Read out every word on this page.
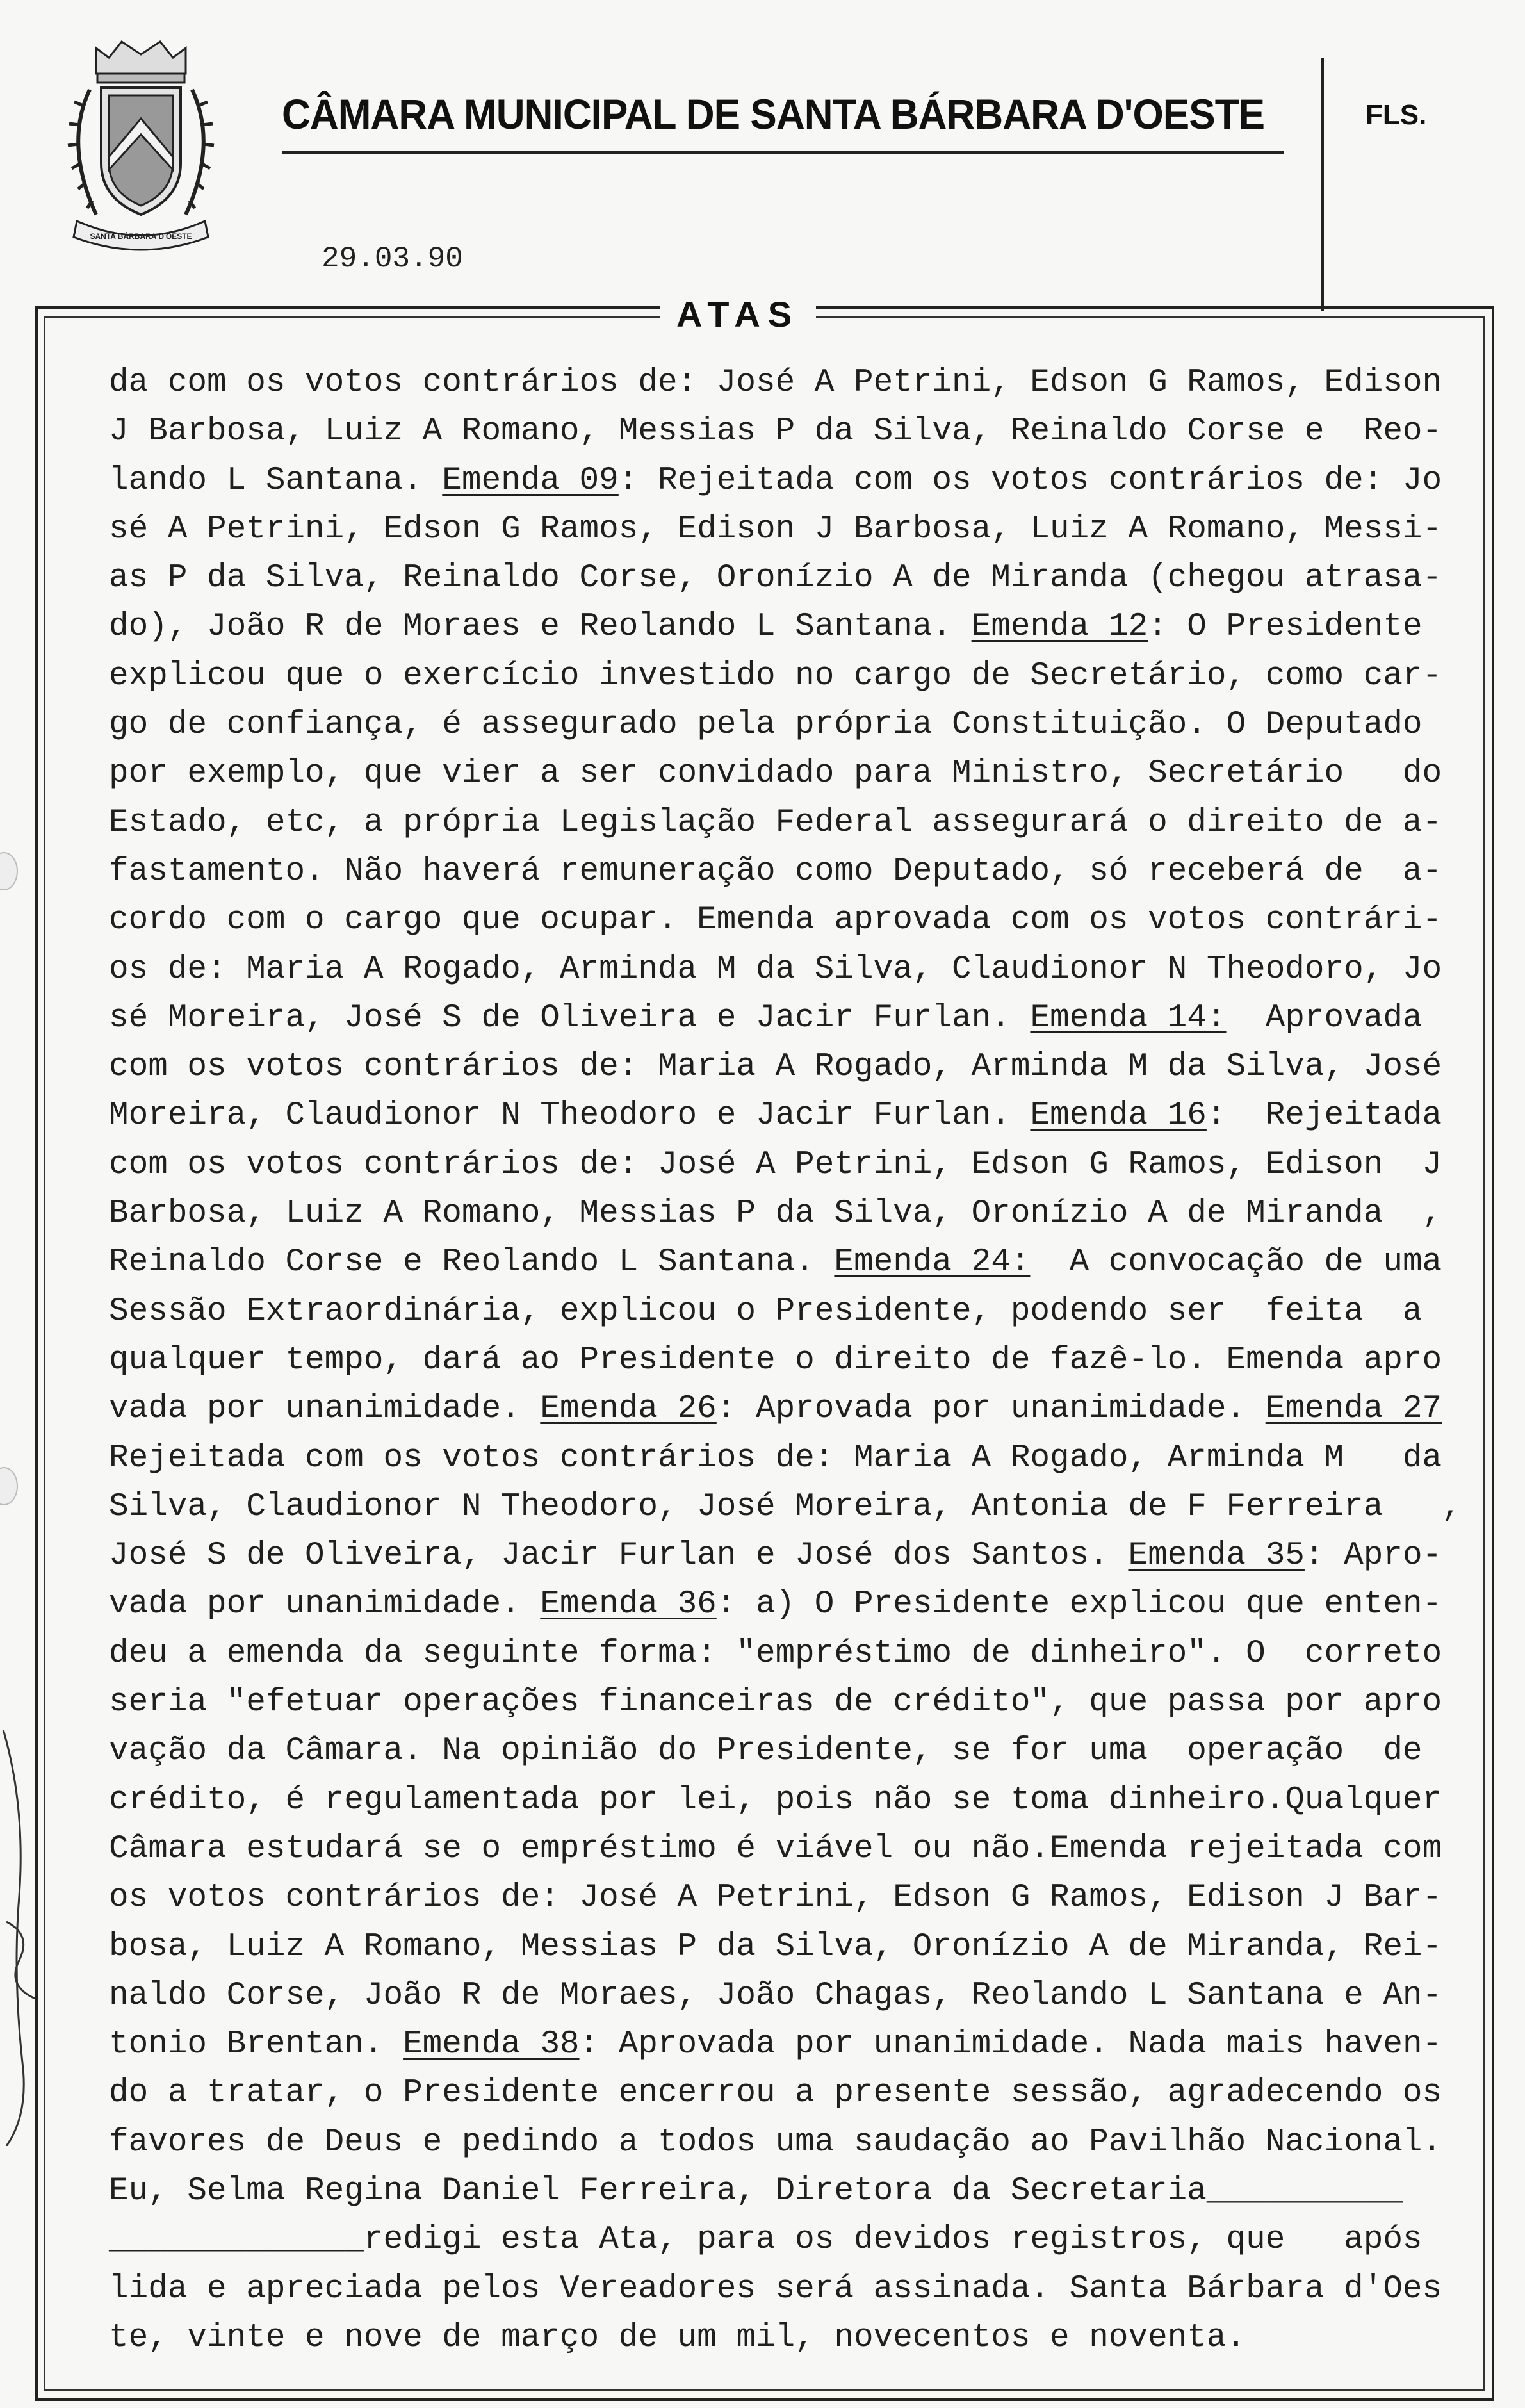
SANTA BÁRBARA D'OESTE
CÂMARA MUNICIPAL DE SANTA BÁRBARA D'OESTE	FLS.
29.03.90
ATAS
da com os votos contrários de: José A Petrini, Edson G Ramos, Edison
J Barbosa, Luiz A Romano, Messias P da Silva, Reinaldo Corse e  Reo-
lando L Santana. Emenda 09: Rejeitada com os votos contrários de: Jo
sé A Petrini, Edson G Ramos, Edison J Barbosa, Luiz A Romano, Messi-
as P da Silva, Reinaldo Corse, Oronízio A de Miranda (chegou atrasa-
do), João R de Moraes e Reolando L Santana. Emenda 12: O Presidente
explicou que o exercício investido no cargo de Secretário, como car-
go de confiança, é assegurado pela própria Constituição. O Deputado
por exemplo, que vier a ser convidado para Ministro, Secretário   do
Estado, etc, a própria Legislação Federal assegurará o direito de a-
fastamento. Não haverá remuneração como Deputado, só receberá de  a-
cordo com o cargo que ocupar. Emenda aprovada com os votos contrári-
os de: Maria A Rogado, Arminda M da Silva, Claudionor N Theodoro, Jo
sé Moreira, José S de Oliveira e Jacir Furlan. Emenda 14:  Aprovada
com os votos contrários de: Maria A Rogado, Arminda M da Silva, José
Moreira, Claudionor N Theodoro e Jacir Furlan. Emenda 16:  Rejeitada
com os votos contrários de: José A Petrini, Edson G Ramos, Edison  J
Barbosa, Luiz A Romano, Messias P da Silva, Oronízio A de Miranda  ,
Reinaldo Corse e Reolando L Santana. Emenda 24:  A convocação de uma
Sessão Extraordinária, explicou o Presidente, podendo ser  feita  a
qualquer tempo, dará ao Presidente o direito de fazê-lo. Emenda apro
vada por unanimidade. Emenda 26: Aprovada por unanimidade. Emenda 27
Rejeitada com os votos contrários de: Maria A Rogado, Arminda M   da
Silva, Claudionor N Theodoro, José Moreira, Antonia de F Ferreira   ,
José S de Oliveira, Jacir Furlan e José dos Santos. Emenda 35: Apro-
vada por unanimidade. Emenda 36: a) O Presidente explicou que enten-
deu a emenda da seguinte forma: "empréstimo de dinheiro". O  correto
seria "efetuar operações financeiras de crédito", que passa por apro
vação da Câmara. Na opinião do Presidente, se for uma  operação  de
crédito, é regulamentada por lei, pois não se toma dinheiro.Qualquer
Câmara estudará se o empréstimo é viável ou não.Emenda rejeitada com
os votos contrários de: José A Petrini, Edson G Ramos, Edison J Bar-
bosa, Luiz A Romano, Messias P da Silva, Oronízio A de Miranda, Rei-
naldo Corse, João R de Moraes, João Chagas, Reolando L Santana e An-
tonio Brentan. Emenda 38: Aprovada por unanimidade. Nada mais haven-
do a tratar, o Presidente encerrou a presente sessão, agradecendo os
favores de Deus e pedindo a todos uma saudação ao Pavilhão Nacional.
Eu, Selma Regina Daniel Ferreira, Diretora da Secretaria__________
_____________redigi esta Ata, para os devidos registros, que   após
lida e apreciada pelos Vereadores será assinada. Santa Bárbara d'Oes
te, vinte e nove de março de um mil, novecentos e noventa.
